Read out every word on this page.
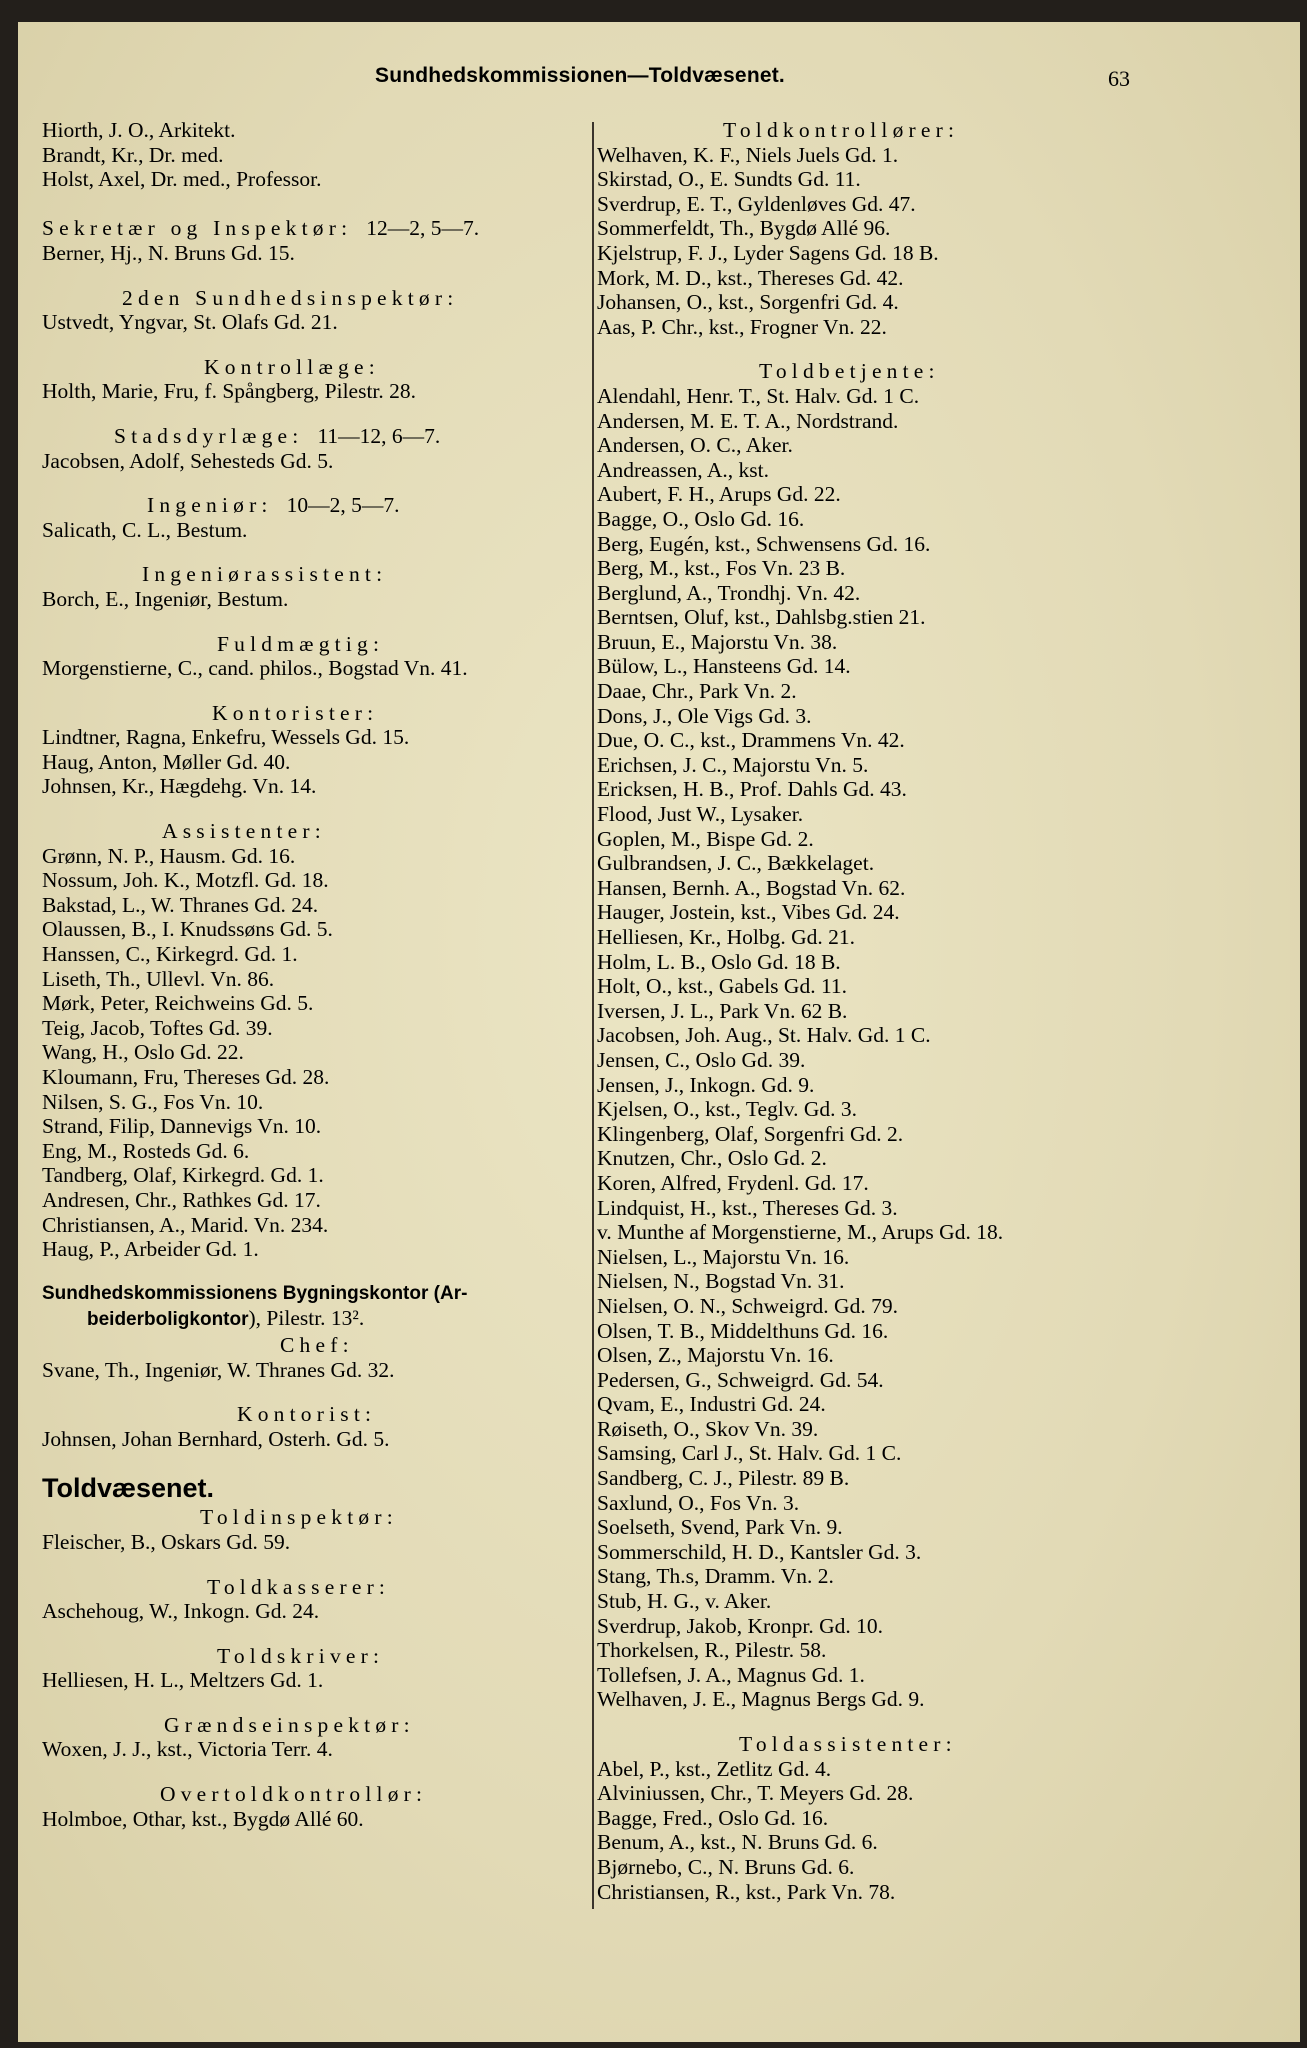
Sundhedskommissionen—Toldvæsenet.	63
Hiorth, J. O., Arkitekt.
Brandt, Kr., Dr. med.
Holst, Axel, Dr. med., Professor.
Sekretær og Inspektør: 12—2, 5—7.
Berner, Hj., N. Bruns Gd. 15.
2den Sundhedsinspektør:
Ustvedt, Yngvar, St. Olafs Gd. 21.
Kontrollæge:
Holth, Marie, Fru, f. Spångberg, Pilestr. 28.
Stadsdyrlæge: 11—12, 6—7.
Jacobsen, Adolf, Sehesteds Gd. 5.
Ingeniør: 10—2, 5—7.
Salicath, C. L., Bestum.
Ingeniørassistent:
Borch, E., Ingeniør, Bestum.
Fuldmægtig:
Morgenstierne, C., cand. philos., Bogstad Vn. 41.
Kontorister:
Lindtner, Ragna, Enkefru, Wessels Gd. 15.
Haug, Anton, Møller Gd. 40.
Johnsen, Kr., Hægdehg. Vn. 14.
Assistenter:
Grønn, N. P., Hausm. Gd. 16.
Nossum, Joh. K., Motzfl. Gd. 18.
Bakstad, L., W. Thranes Gd. 24.
Olaussen, B., I. Knudssøns Gd. 5.
Hanssen, C., Kirkegrd. Gd. 1.
Liseth, Th., Ullevl. Vn. 86.
Mørk, Peter, Reichweins Gd. 5.
Teig, Jacob, Toftes Gd. 39.
Wang, H., Oslo Gd. 22.
Kloumann, Fru, Thereses Gd. 28.
Nilsen, S. G., Fos Vn. 10.
Strand, Filip, Dannevigs Vn. 10.
Eng, M., Rosteds Gd. 6.
Tandberg, Olaf, Kirkegrd. Gd. 1.
Andresen, Chr., Rathkes Gd. 17.
Christiansen, A., Marid. Vn. 234.
Haug, P., Arbeider Gd. 1.
Sundhedskommissionens Bygningskontor (Ar-
beiderboligkontor), Pilestr. 13².
Chef:
Svane, Th., Ingeniør, W. Thranes Gd. 32.
Kontorist:
Johnsen, Johan Bernhard, Osterh. Gd. 5.
Toldvæsenet.
Toldinspektør:
Fleischer, B., Oskars Gd. 59.
Toldkasserer:
Aschehoug, W., Inkogn. Gd. 24.
Toldskriver:
Helliesen, H. L., Meltzers Gd. 1.
Grændseinspektør:
Woxen, J. J., kst., Victoria Terr. 4.
Overtoldkontrollør:
Holmboe, Othar, kst., Bygdø Allé 60.
Toldkontrollører:
Welhaven, K. F., Niels Juels Gd. 1.
Skirstad, O., E. Sundts Gd. 11.
Sverdrup, E. T., Gyldenløves Gd. 47.
Sommerfeldt, Th., Bygdø Allé 96.
Kjelstrup, F. J., Lyder Sagens Gd. 18 B.
Mork, M. D., kst., Thereses Gd. 42.
Johansen, O., kst., Sorgenfri Gd. 4.
Aas, P. Chr., kst., Frogner Vn. 22.
Toldbetjente:
Alendahl, Henr. T., St. Halv. Gd. 1 C.
Andersen, M. E. T. A., Nordstrand.
Andersen, O. C., Aker.
Andreassen, A., kst.
Aubert, F. H., Arups Gd. 22.
Bagge, O., Oslo Gd. 16.
Berg, Eugén, kst., Schwensens Gd. 16.
Berg, M., kst., Fos Vn. 23 B.
Berglund, A., Trondhj. Vn. 42.
Berntsen, Oluf, kst., Dahlsbg.stien 21.
Bruun, E., Majorstu Vn. 38.
Bülow, L., Hansteens Gd. 14.
Daae, Chr., Park Vn. 2.
Dons, J., Ole Vigs Gd. 3.
Due, O. C., kst., Drammens Vn. 42.
Erichsen, J. C., Majorstu Vn. 5.
Ericksen, H. B., Prof. Dahls Gd. 43.
Flood, Just W., Lysaker.
Goplen, M., Bispe Gd. 2.
Gulbrandsen, J. C., Bækkelaget.
Hansen, Bernh. A., Bogstad Vn. 62.
Hauger, Jostein, kst., Vibes Gd. 24.
Helliesen, Kr., Holbg. Gd. 21.
Holm, L. B., Oslo Gd. 18 B.
Holt, O., kst., Gabels Gd. 11.
Iversen, J. L., Park Vn. 62 B.
Jacobsen, Joh. Aug., St. Halv. Gd. 1 C.
Jensen, C., Oslo Gd. 39.
Jensen, J., Inkogn. Gd. 9.
Kjelsen, O., kst., Teglv. Gd. 3.
Klingenberg, Olaf, Sorgenfri Gd. 2.
Knutzen, Chr., Oslo Gd. 2.
Koren, Alfred, Frydenl. Gd. 17.
Lindquist, H., kst., Thereses Gd. 3.
v. Munthe af Morgenstierne, M., Arups Gd. 18.
Nielsen, L., Majorstu Vn. 16.
Nielsen, N., Bogstad Vn. 31.
Nielsen, O. N., Schweigrd. Gd. 79.
Olsen, T. B., Middelthuns Gd. 16.
Olsen, Z., Majorstu Vn. 16.
Pedersen, G., Schweigrd. Gd. 54.
Qvam, E., Industri Gd. 24.
Røiseth, O., Skov Vn. 39.
Samsing, Carl J., St. Halv. Gd. 1 C.
Sandberg, C. J., Pilestr. 89 B.
Saxlund, O., Fos Vn. 3.
Soelseth, Svend, Park Vn. 9.
Sommerschild, H. D., Kantsler Gd. 3.
Stang, Th.s, Dramm. Vn. 2.
Stub, H. G., v. Aker.
Sverdrup, Jakob, Kronpr. Gd. 10.
Thorkelsen, R., Pilestr. 58.
Tollefsen, J. A., Magnus Gd. 1.
Welhaven, J. E., Magnus Bergs Gd. 9.
Toldassistenter:
Abel, P., kst., Zetlitz Gd. 4.
Alviniussen, Chr., T. Meyers Gd. 28.
Bagge, Fred., Oslo Gd. 16.
Benum, A., kst., N. Bruns Gd. 6.
Bjørnebo, C., N. Bruns Gd. 6.
Christiansen, R., kst., Park Vn. 78.
